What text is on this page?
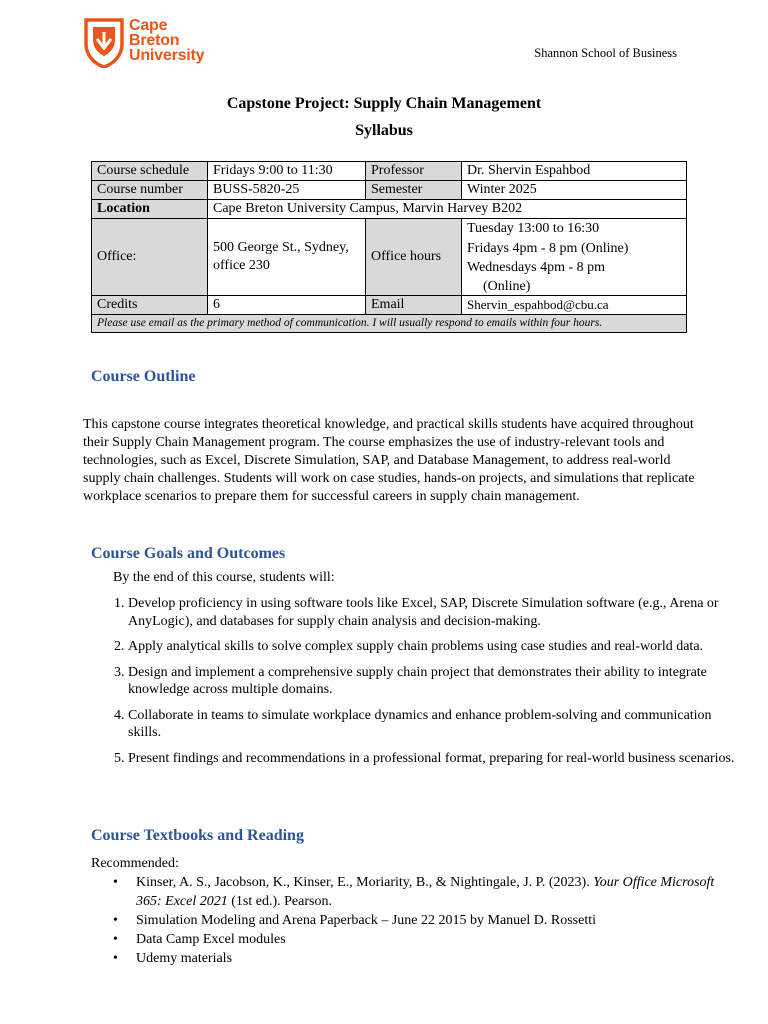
Cape
Breton
University	Shannon School of Business
Capstone Project: Supply Chain Management
Syllabus
Course schedule	Fridays 9:00 to 11:30	Professor	Dr. Shervin Espahbod
Course number	BUSS-5820-25	Semester	Winter 2025
Location	Cape Breton University Campus, Marvin Harvey B202		
Office:	500 George St., Sydney, office 230	Office hours	Tuesday 13:00 to 16:30
Fridays 4pm - 8 pm (Online)
Wednesdays 4pm - 8 pm
(Online)

Credits	6	Email	Shervin_espahbod@cbu.ca
Please use email as the primary method of communication. I will usually respond to emails within four hours.			
Course Outline

This capstone course integrates theoretical knowledge, and practical skills students have acquired throughout their Supply Chain Management program. The course emphasizes the use of industry-relevant tools and technologies, such as Excel, Discrete Simulation, SAP, and Database Management, to address real-world supply chain challenges. Students will work on case studies, hands-on projects, and simulations that replicate workplace scenarios to prepare them for successful careers in supply chain management.

Course Goals and Outcomes
By the end of this course, students will:
1. Develop proficiency in using software tools like Excel, SAP, Discrete Simulation software (e.g., Arena or AnyLogic), and databases for supply chain analysis and decision-making.
2. Apply analytical skills to solve complex supply chain problems using case studies and real-world data.
3. Design and implement a comprehensive supply chain project that demonstrates their ability to integrate knowledge across multiple domains.
4. Collaborate in teams to simulate workplace dynamics and enhance problem-solving and communication skills.
5. Present findings and recommendations in a professional format, preparing for real-world business scenarios.
Course Textbooks and Reading
Recommended:
• Kinser, A. S., Jacobson, K., Kinser, E., Moriarity, B., & Nightingale, J. P. (2023). Your Office Microsoft 365: Excel 2021 (1st ed.). Pearson.
• Simulation Modeling and Arena Paperback – June 22 2015 by Manuel D. Rossetti
• Data Camp Excel modules
• Udemy materials
